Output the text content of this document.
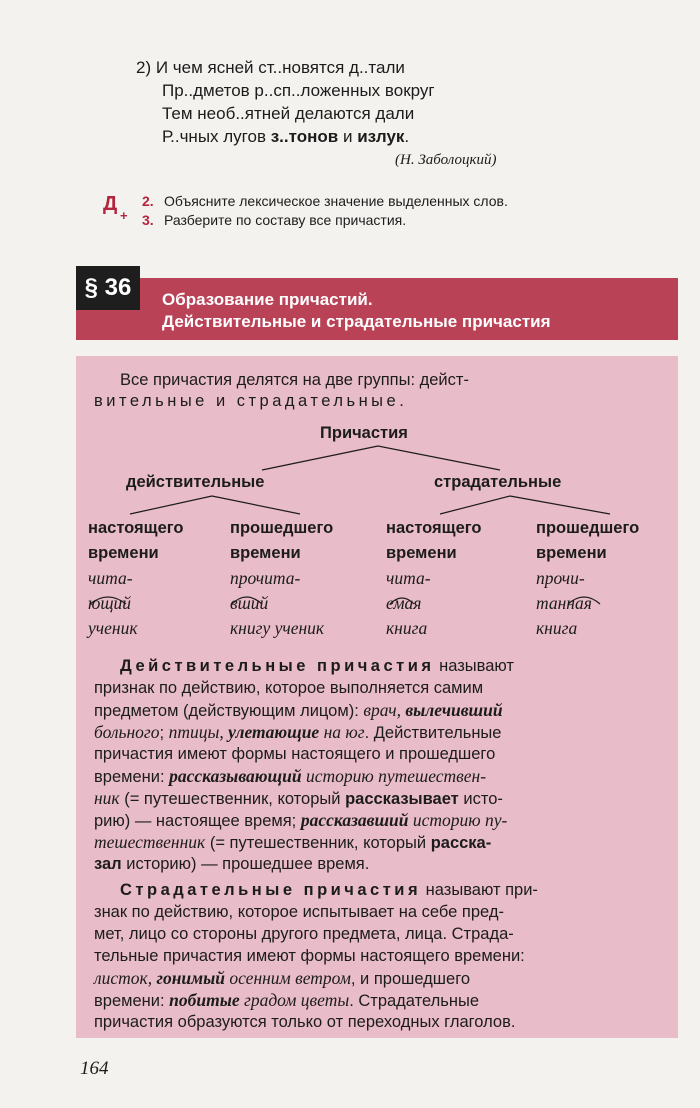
2) И чем ясней ст..новятся д..тали
Пр..дметов р..сп..ложенных вокруг
Тем необ..ятней делаются дали
Р..чных лугов з..тонов и излук.
(Н. Заболоцкий)
Д
+
2. Объясните лексическое значение выделенных слов.
3. Разберите по составу все причастия.
§ 36	Образование причастий.
Действительные и страдательные причастия
Все причастия делятся на две группы: дейст-
вительные и страдательные.
Причастия
действительные	страдательные
настоящего
времени
чита-
ющий
ученик
прошедшего
времени
прочита-
вший
книгу ученик
настоящего
времени
чита-
емая
книга
прошедшего
времени
прочи-
танная
книга
Действительные причастия называют
признак по действию, которое выполняется самим
предметом (действующим лицом): врач, вылечивший
больного; птицы, улетающие на юг. Действительные
причастия имеют формы настоящего и прошедшего
времени: рассказывающий историю путешествен-
ник (= путешественник, который рассказывает исто-
рию) — настоящее время; рассказавший историю пу-
тешественник (= путешественник, который расска-
зал историю) — прошедшее время.
Страдательные причастия называют при-
знак по действию, которое испытывает на себе пред-
мет, лицо со стороны другого предмета, лица. Страда-
тельные причастия имеют формы настоящего времени:
листок, гонимый осенним ветром, и прошедшего
времени: побитые градом цветы. Страдательные
причастия образуются только от переходных глаголов.
164
